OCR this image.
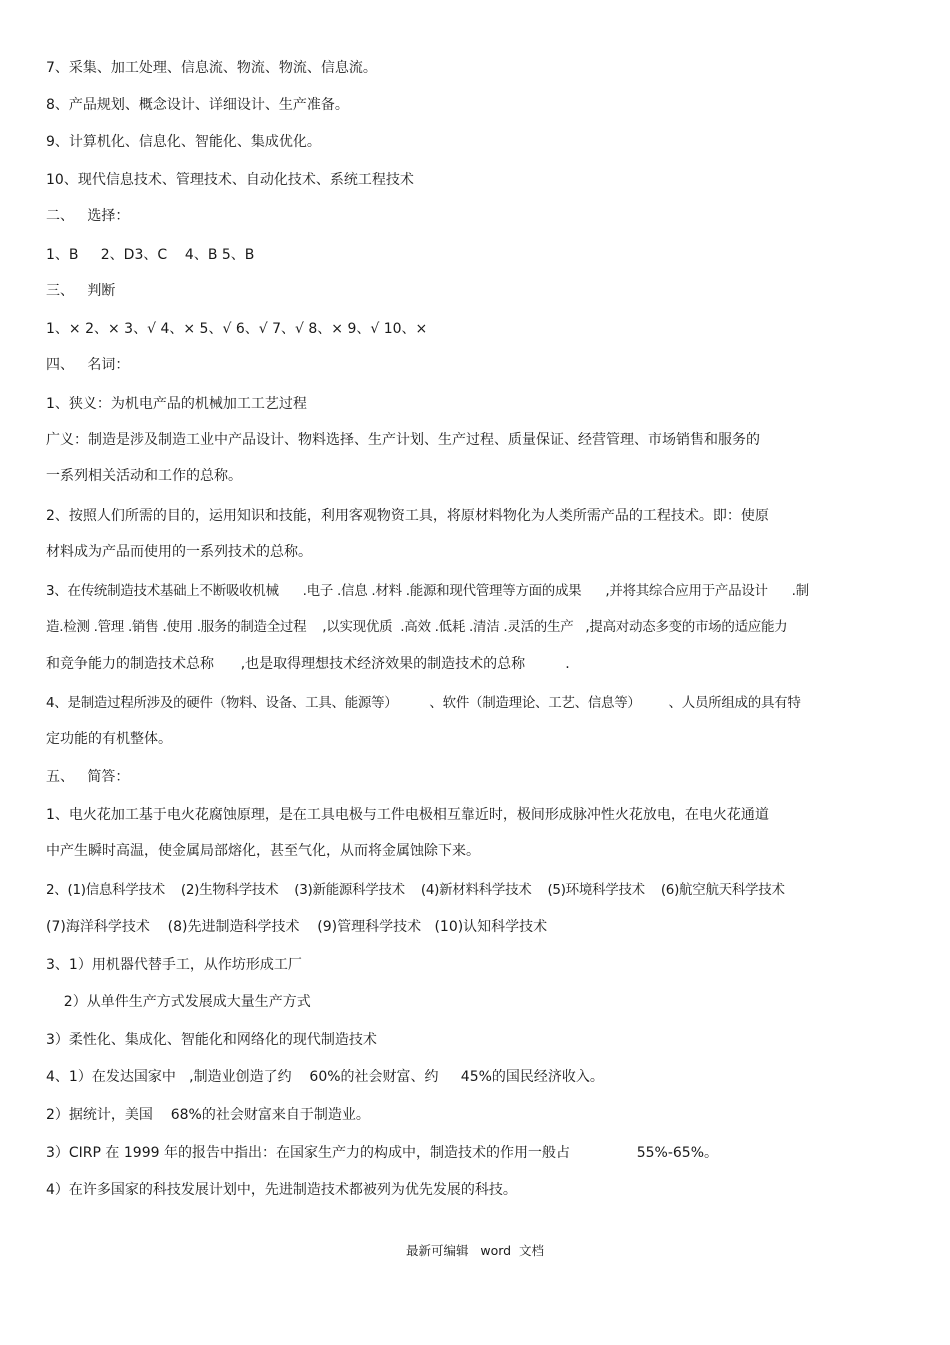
7、采集、加工处理、信息流、物流、物流、信息流。
8、产品规划、概念设计、详细设计、生产准备。
9、计算机化、信息化、智能化、集成优化。
10、现代信息技术、管理技术、自动化技术、系统工程技术
二、   选择：
1、B     2、D3、C    4、B 5、B
三、   判断
1、× 2、× 3、√ 4、× 5、√ 6、√ 7、√ 8、× 9、√ 10、×
四、   名词：
1、狭义：为机电产品的机械加工工艺过程
广义：制造是涉及制造工业中产品设计、物料选择、生产计划、生产过程、质量保证、经营管理、市场销售和服务的
一系列相关活动和工作的总称。
2、按照人们所需的目的，运用知识和技能，利用客观物资工具，将原材料物化为人类所需产品的工程技术。即：使原
材料成为产品而使用的一系列技术的总称。
3、在传统制造技术基础上不断吸收机械      .电子 .信息 .材料 .能源和现代管理等方面的成果      ,并将其综合应用于产品设计      .制
造.检测 .管理 .销售 .使用 .服务的制造全过程    ,以实现优质  .高效 .低耗 .清洁 .灵活的生产   ,提高对动态多变的市场的适应能力
和竞争能力的制造技术总称      ,也是取得理想技术经济效果的制造技术的总称         .
4、是制造过程所涉及的硬件（物料、设备、工具、能源等）        、软件（制造理论、工艺、信息等）       、人员所组成的具有特
定功能的有机整体。
五、   简答：
1、电火花加工基于电火花腐蚀原理，是在工具电极与工件电极相互靠近时，极间形成脉冲性火花放电，在电火花通道
中产生瞬时高温，使金属局部熔化，甚至气化，从而将金属蚀除下来。
2、(1)信息科学技术    (2)生物科学技术    (3)新能源科学技术    (4)新材料科学技术    (5)环境科学技术    (6)航空航天科学技术
(7)海洋科学技术    (8)先进制造科学技术    (9)管理科学技术   (10)认知科学技术
3、1）用机器代替手工，从作坊形成工厂
2）从单件生产方式发展成大量生产方式
3）柔性化、集成化、智能化和网络化的现代制造技术
4、1）在发达国家中   ,制造业创造了约    60%的社会财富、约     45%的国民经济收入。
2）据统计，美国    68%的社会财富来自于制造业。
3）CIRP 在 1999 年的报告中指出：在国家生产力的构成中，制造技术的作用一般占               55%-65%。
4）在许多国家的科技发展计划中，先进制造技术都被列为优先发展的科技。
最新可编辑   word  文档
